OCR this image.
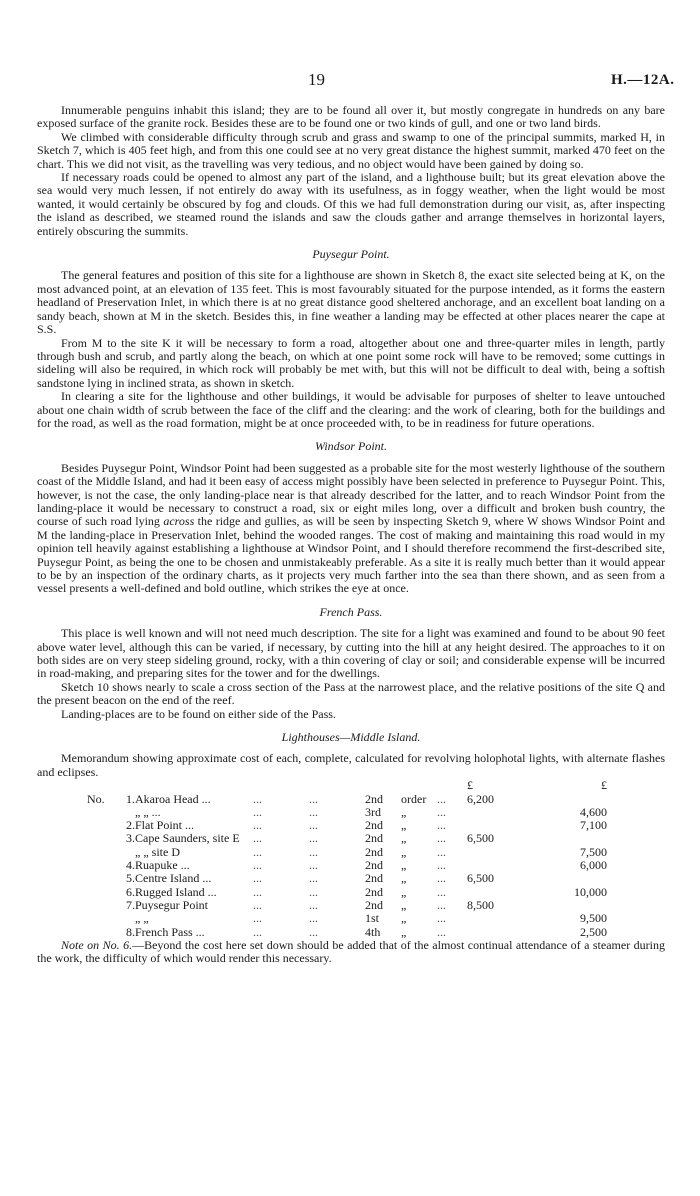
19	H.—12A.

Innumerable penguins inhabit this island; they are to be found all over it, but mostly congregate in hundreds on any bare exposed surface of the granite rock. Besides these are to be found one or two kinds of gull, and one or two land birds.

We climbed with considerable difficulty through scrub and grass and swamp to one of the principal summits, marked H, in Sketch 7, which is 405 feet high, and from this one could see at no very great distance the highest summit, marked 470 feet on the chart. This we did not visit, as the travelling was very tedious, and no object would have been gained by doing so.

If necessary roads could be opened to almost any part of the island, and a lighthouse built; but its great elevation above the sea would very much lessen, if not entirely do away with its usefulness, as in foggy weather, when the light would be most wanted, it would certainly be obscured by fog and clouds. Of this we had full demonstration during our visit, as, after inspecting the island as described, we steamed round the islands and saw the clouds gather and arrange themselves in horizontal layers, entirely obscuring the summits.

Puysegur Point.

The general features and position of this site for a lighthouse are shown in Sketch 8, the exact site selected being at K, on the most advanced point, at an elevation of 135 feet. This is most favourably situated for the purpose intended, as it forms the eastern headland of Preservation Inlet, in which there is at no great distance good sheltered anchorage, and an excellent boat landing on a sandy beach, shown at M in the sketch. Besides this, in fine weather a landing may be effected at other places nearer the cape at S.S.

From M to the site K it will be necessary to form a road, altogether about one and three-quarter miles in length, partly through bush and scrub, and partly along the beach, on which at one point some rock will have to be removed; some cuttings in sideling will also be required, in which rock will probably be met with, but this will not be difficult to deal with, being a softish sandstone lying in inclined strata, as shown in sketch.

In clearing a site for the lighthouse and other buildings, it would be advisable for purposes of shelter to leave untouched about one chain width of scrub between the face of the cliff and the clearing: and the work of clearing, both for the buildings and for the road, as well as the road formation, might be at once proceeded with, to be in readiness for future operations.

Windsor Point.

Besides Puysegur Point, Windsor Point had been suggested as a probable site for the most westerly lighthouse of the southern coast of the Middle Island, and had it been easy of access might possibly have been selected in preference to Puysegur Point. This, however, is not the case, the only landing-place near is that already described for the latter, and to reach Windsor Point from the landing-place it would be necessary to construct a road, six or eight miles long, over a difficult and broken bush country, the course of such road lying across the ridge and gullies, as will be seen by inspecting Sketch 9, where W shows Windsor Point and M the landing-place in Preservation Inlet, behind the wooded ranges. The cost of making and maintaining this road would in my opinion tell heavily against establishing a lighthouse at Windsor Point, and I should therefore recommend the first-described site, Puysegur Point, as being the one to be chosen and unmistakeably preferable. As a site it is really much better than it would appear to be by an inspection of the ordinary charts, as it projects very much farther into the sea than there shown, and as seen from a vessel presents a well-defined and bold outline, which strikes the eye at once.

French Pass.

This place is well known and will not need much description. The site for a light was examined and found to be about 90 feet above water level, although this can be varied, if necessary, by cutting into the hill at any height desired. The approaches to it on both sides are on very steep sideling ground, rocky, with a thin covering of clay or soil; and considerable expense will be incurred in road-making, and preparing sites for the tower and for the dwellings.

Sketch 10 shows nearly to scale a cross section of the Pass at the narrowest place, and the relative positions of the site Q and the present beacon on the end of the reef.

Landing-places are to be found on either side of the Pass.

Lighthouses—Middle Island.

Memorandum showing approximate cost of each, complete, calculated for revolving holophotal lights, with alternate flashes and eclipses.

								£	£
No.	1.	Akaroa Head ...	...	...	2nd	order	...	6,200	
		„ „ ...	...	...	3rd	„	...		4,600
	2.	Flat Point ...	...	...	2nd	„	...		7,100
	3.	Cape Saunders, site E	...	...	2nd	„	...	6,500	
		„ „ site D	...	...	2nd	„	...		7,500
	4.	Ruapuke ...	...	...	2nd	„	...		6,000
	5.	Centre Island ...	...	...	2nd	„	...	6,500	
	6.	Rugged Island ...	...	...	2nd	„	...		10,000
	7.	Puysegur Point	...	...	2nd	„	...	8,500	
		„ „	...	...	1st	„	...		9,500
	8.	French Pass ...	...	...	4th	„	...		2,500

Note on No. 6.—Beyond the cost here set down should be added that of the almost continual attendance of a steamer during the work, the difficulty of which would render this necessary.
